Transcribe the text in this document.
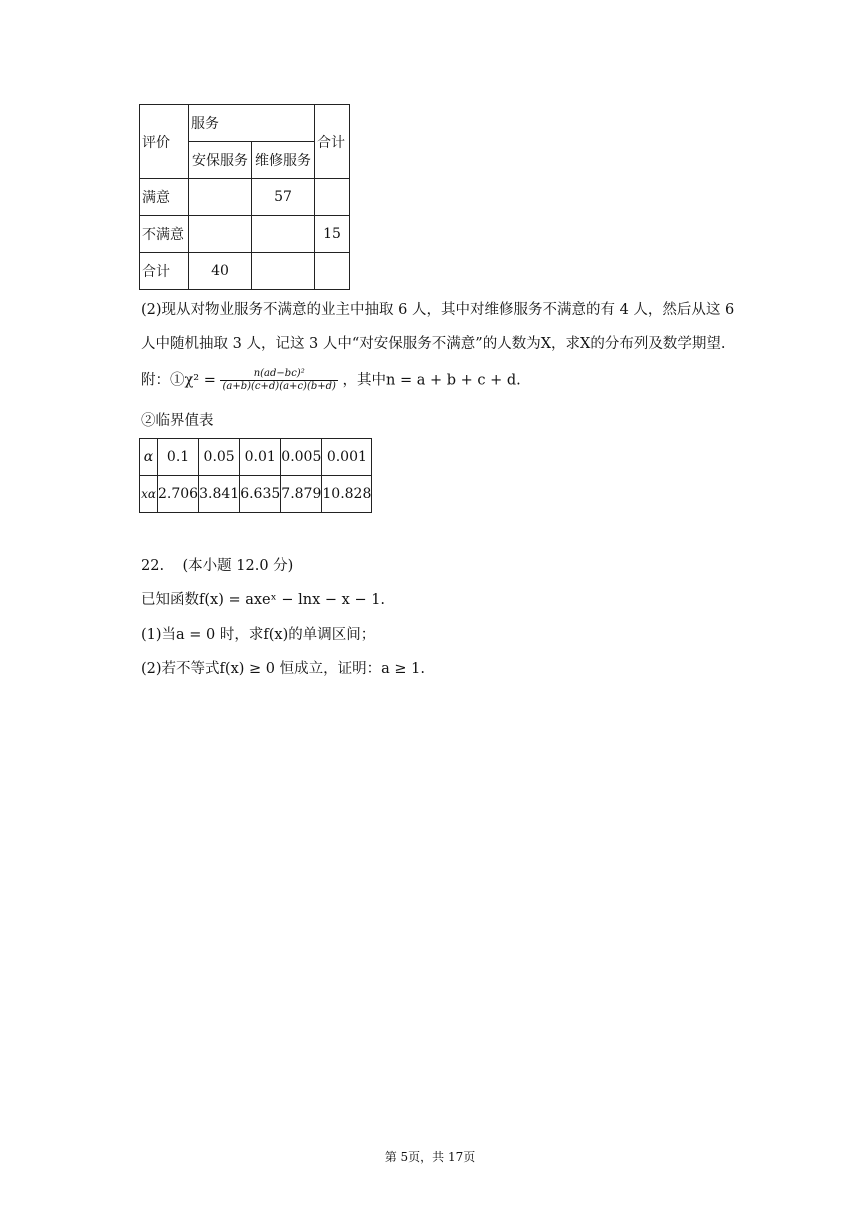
评价	服务		合计
	安保服务	维修服务	
满意		57	
不满意			15
合计	40		
(2)现从对物业服务不满意的业主中抽取 6 人，其中对维修服务不满意的有 4 人，然后从这 6
人中随机抽取 3 人，记这 3 人中“对安保服务不满意”的人数为X，求X的分布列及数学期望.
附：①χ² = $\frac{\text{n(ad−bc)²}}{(a+b)(c+d)(a+c)(b+d)}$ ，其中n = a + b + c + d.
②临界值表
α	0.1	0.05	0.01	0.005	0.001
xα	2.706	3.841	6.635	7.879	10.828
22.    (本小题 12.0 分)
已知函数f(x) = axeˣ − lnx − x − 1.
(1)当a = 0 时，求f(x)的单调区间；
(2)若不等式f(x) ≥ 0 恒成立，证明：a ≥ 1.
第 5页，共 17页
